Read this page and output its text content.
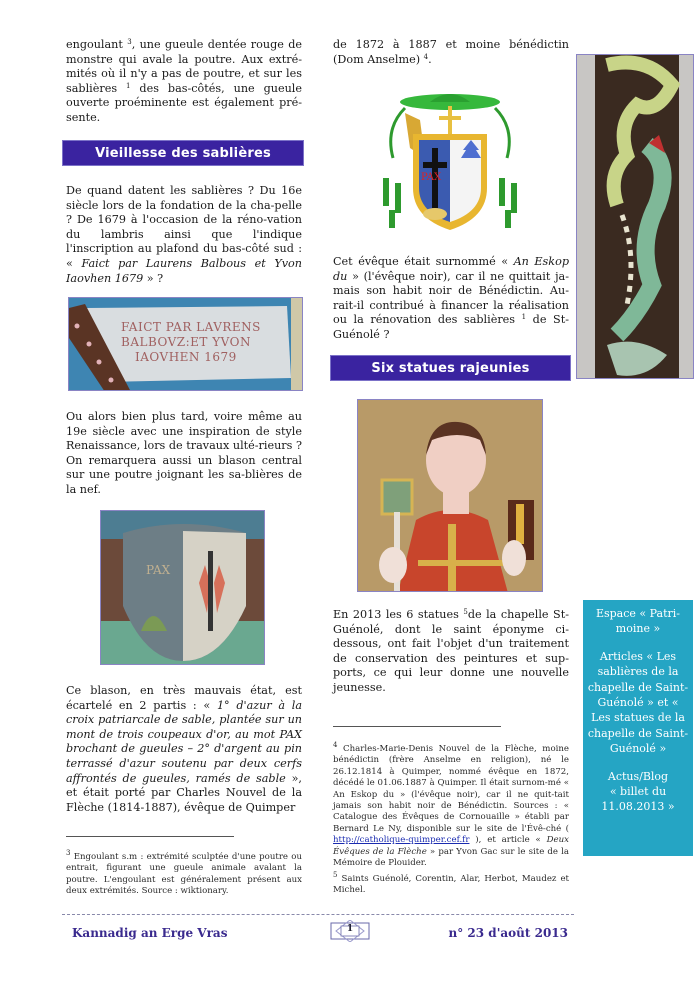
engoulant $^3$, une gueule dentée rouge de monstre qui avale la poutre. Aux extré-mités où il n'y a pas de poutre, et sur les sablières $^1$ des bas-côtés, une gueule ouverte proéminente est également pré-sente.

Vieillesse des sablières

De quand datent les sablières ? Du 16e siècle lors de la fondation de la cha-pelle ? De 1679 à l'occasion de la réno-vation du lambris ainsi que l'indique l'inscription au plafond du bas-côté sud : « Faict par Laurens Balbous et Yvon Iaovhen 1679 » ?

FAICT PAR LAVRENS
BALBOVZ:ET YVON
IAOVHEN 1679

Ou alors bien plus tard, voire même au 19e siècle avec une inspiration de style Renaissance, lors de travaux ulté-rieurs ? On remarquera aussi un blason central sur une poutre joignant les sa-blières de la nef.

PAX

Ce blason, en très mauvais état, est écartelé en 2 partis : « 1° d'azur à la croix patriarcale de sable, plantée sur un mont de trois coupeaux d'or, au mot PAX brochant de gueules – 2° d'argent au pin terrassé d'azur soutenu par deux cerfs affrontés de gueules, ramés de sable », et était porté par Charles Nouvel de la Flèche (1814-1887), évêque de Quimper

$^3$ Engoulant s.m : extrémité sculptée d'une poutre ou entrait, figurant une gueule animale avalant la poutre. L'engoulant est généralement présent aux deux extrémités. Source : wiktionary.

de 1872 à 1887 et moine bénédictin (Dom Anselme) $^4$.

PAX

Cet évêque était surnommé « An Eskop du » (l'évêque noir), car il ne quittait ja-mais son habit noir de Bénédictin. Au-rait-il contribué à financer la réalisation ou la rénovation des sablières $^1$ de St-Guénolé ?

Six statues rajeunies

En 2013 les 6 statues $^5$de la chapelle St-Guénolé, dont le saint éponyme ci-dessous, ont fait l'objet d'un traitement de conservation des peintures et sup-ports, ce qui leur donne une nouvelle jeunesse.

$^4$ Charles-Marie-Denis Nouvel de la Flèche, moine bénédictin (frère Anselme en religion), né le 26.12.1814 à Quimper, nommé évêque en 1872, décédé le 01.06.1887 à Quimper. Il était surnom-mé « An Eskop du » (l'évêque noir), car il ne quit-tait jamais son habit noir de Bénédictin. Sources : « Catalogue des Évêques de Cornouaille » établi par Bernard Le Ny, disponible sur le site de l'Évê-ché ( http://catholique-quimper.cef.fr ), et article « Deux Évêques de la Flèche » par Yvon Gac sur le site de la Mémoire de Plouider.

$^5$ Saints Guénolé, Corentin, Alar, Herbot, Maudez et Michel.

Espace « Patri-moine »

Articles « Les sablières de la chapelle de Saint-Guénolé » et « Les statues de la chapelle de Saint-Guénolé »

Actus/Blog
« billet du 11.08.2013 »

Kannadig an Erge Vras	1	n° 23 d'août 2013
